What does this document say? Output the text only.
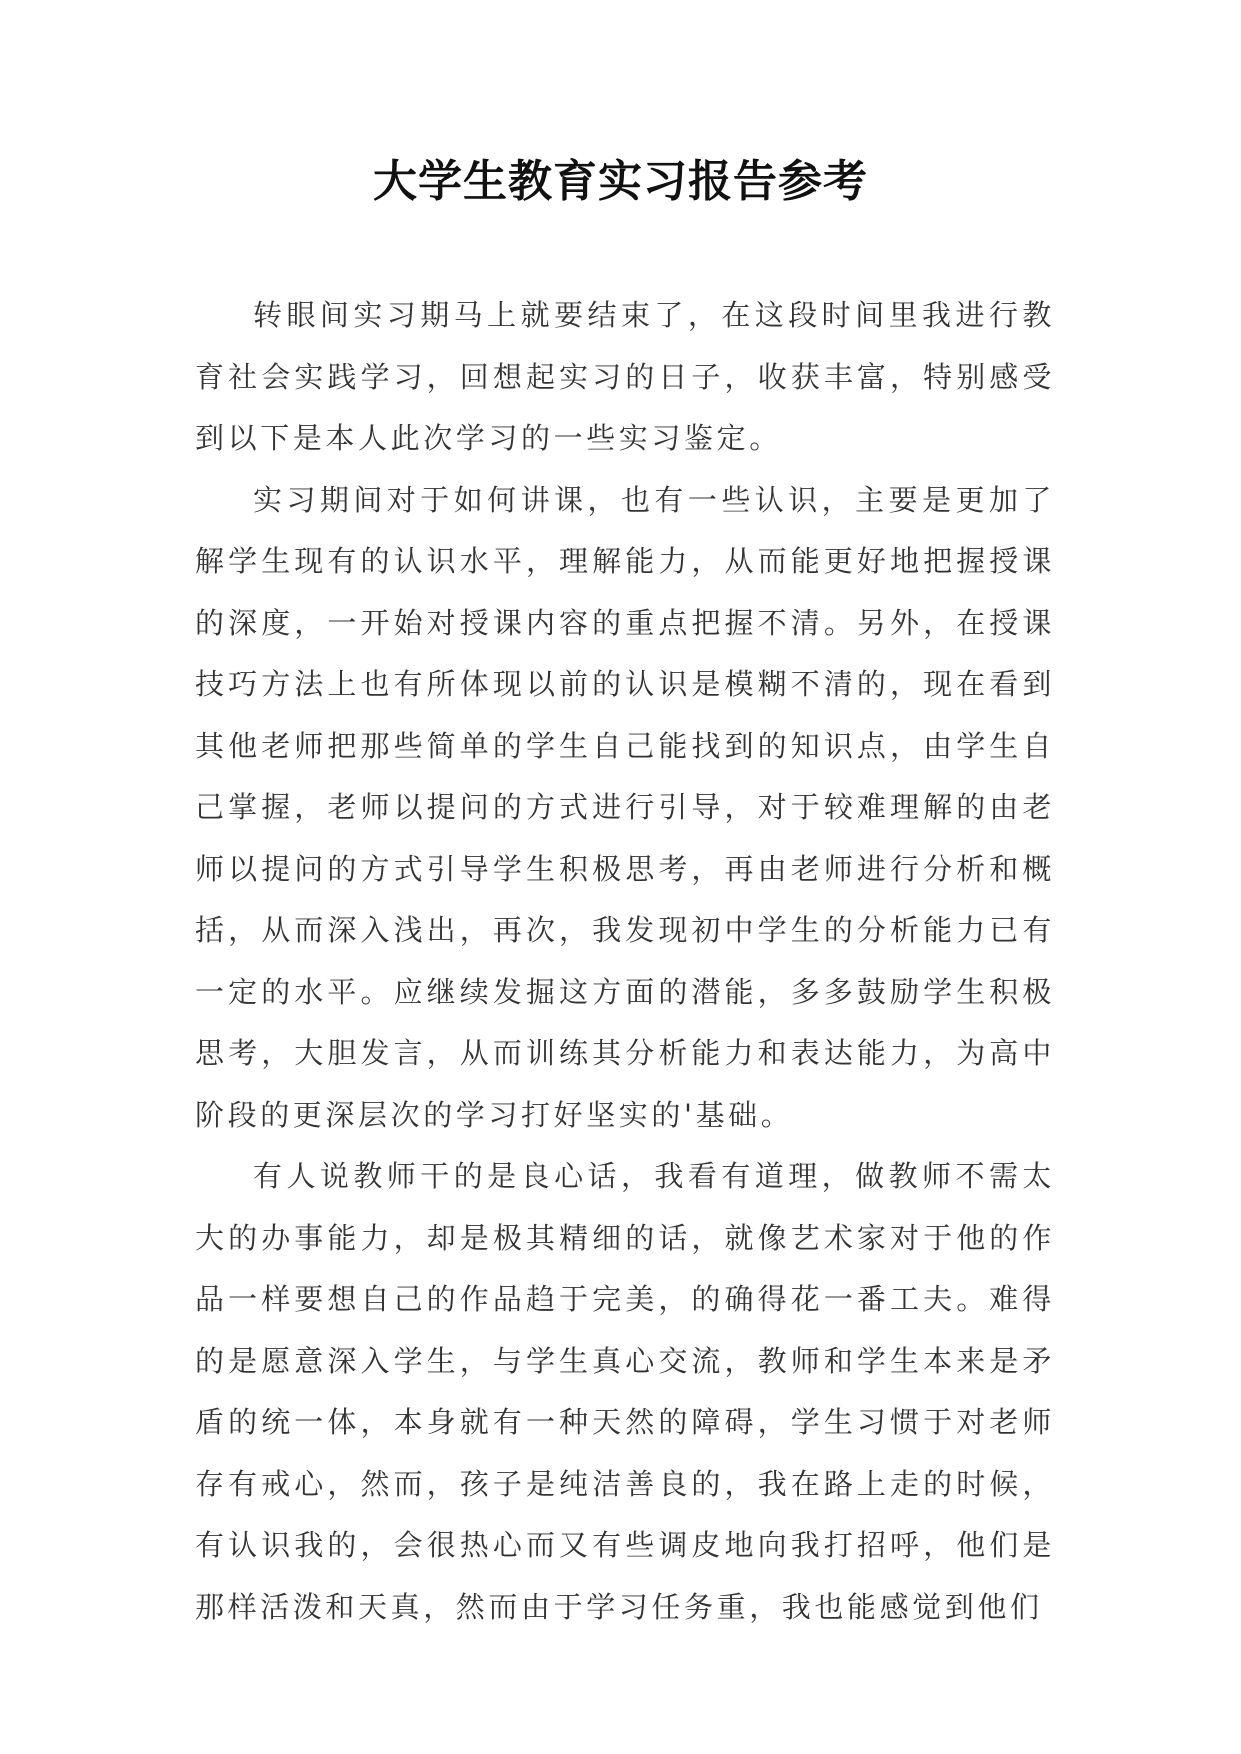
大学生教育实习报告参考

转眼间实习期马上就要结束了，在这段时间里我进行教育社会实践学习，回想起实习的日子，收获丰富，特别感受到以下是本人此次学习的一些实习鉴定。

实习期间对于如何讲课，也有一些认识，主要是更加了解学生现有的认识水平，理解能力，从而能更好地把握授课的深度，一开始对授课内容的重点把握不清。另外，在授课技巧方法上也有所体现以前的认识是模糊不清的，现在看到其他老师把那些简单的学生自己能找到的知识点，由学生自己掌握，老师以提问的方式进行引导，对于较难理解的由老师以提问的方式引导学生积极思考，再由老师进行分析和概括，从而深入浅出，再次，我发现初中学生的分析能力已有一定的水平。应继续发掘这方面的潜能，多多鼓励学生积极思考，大胆发言，从而训练其分析能力和表达能力，为高中阶段的更深层次的学习打好坚实的'基础。

有人说教师干的是良心话，我看有道理，做教师不需太大的办事能力，却是极其精细的话，就像艺术家对于他的作品一样要想自己的作品趋于完美，的确得花一番工夫。难得的是愿意深入学生，与学生真心交流，教师和学生本来是矛盾的统一体，本身就有一种天然的障碍，学生习惯于对老师存有戒心，然而，孩子是纯洁善良的，我在路上走的时候，有认识我的，会很热心而又有些调皮地向我打招呼，他们是那样活泼和天真，然而由于学习任务重，我也能感觉到他们
